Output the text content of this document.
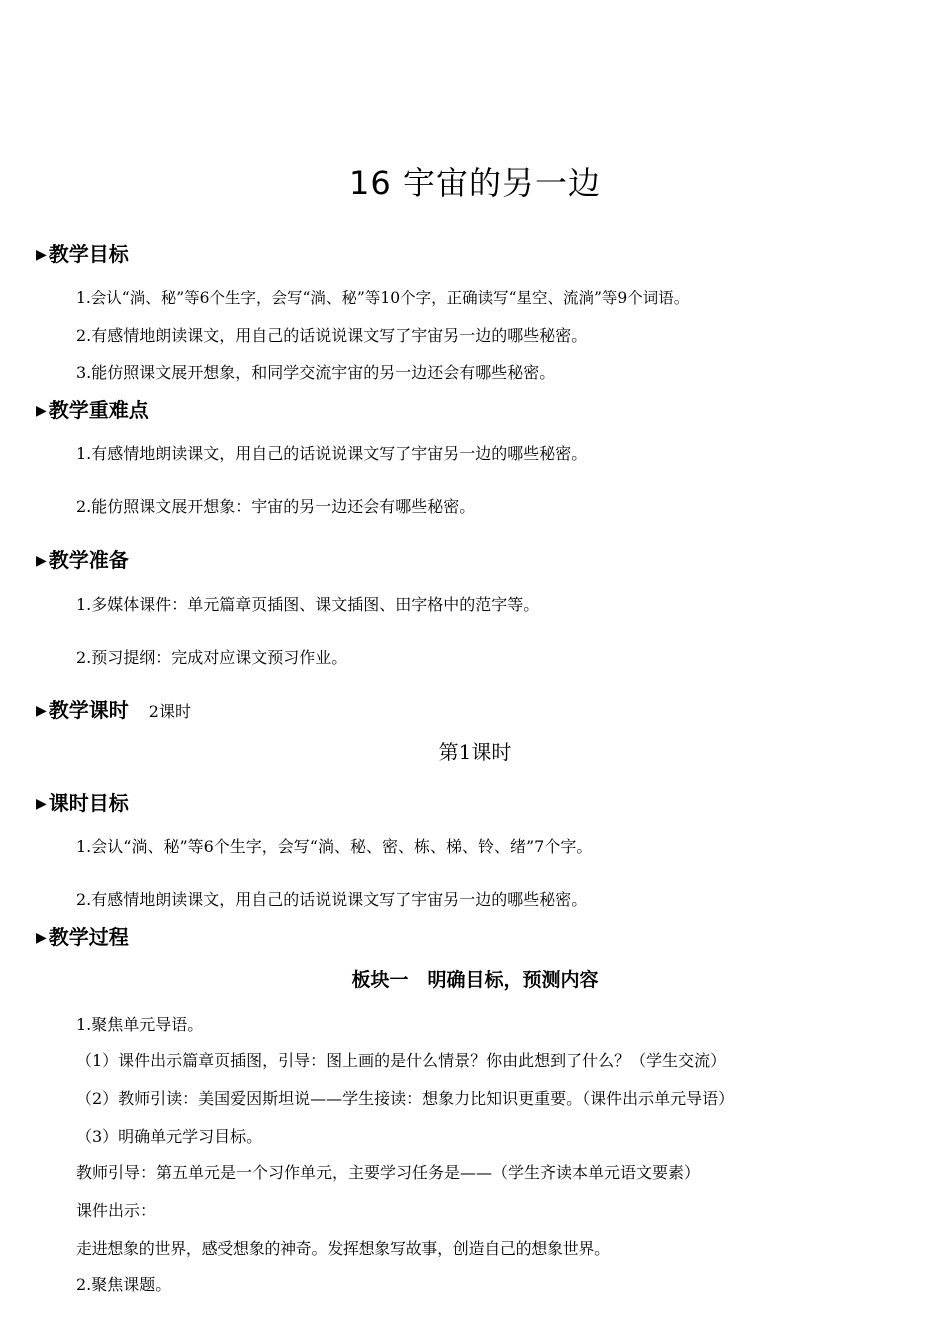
16 宇宙的另一边
▶ 教学目标
1.会认“淌、秘”等6个生字，会写“淌、秘”等10个字，正确读写“星空、流淌”等9个词语。
2.有感情地朗读课文，用自己的话说说课文写了宇宙另一边的哪些秘密。
3.能仿照课文展开想象，和同学交流宇宙的另一边还会有哪些秘密。
▶ 教学重难点
1.有感情地朗读课文，用自己的话说说课文写了宇宙另一边的哪些秘密。
2.能仿照课文展开想象：宇宙的另一边还会有哪些秘密。
▶ 教学准备
1.多媒体课件：单元篇章页插图、课文插图、田字格中的范字等。
2.预习提纲：完成对应课文预习作业。
▶ 教学课时 2课时
第1课时
▶ 课时目标
1.会认“淌、秘”等6个生字，会写“淌、秘、密、栋、梯、铃、绪”7个字。
2.有感情地朗读课文，用自己的话说说课文写了宇宙另一边的哪些秘密。
▶ 教学过程
板块一　明确目标，预测内容
1.聚焦单元导语。
（1）课件出示篇章页插图，引导：图上画的是什么情景？你由此想到了什么？（学生交流）
（2）教师引读：美国爱因斯坦说——学生接读：想象力比知识更重要。（课件出示单元导语）
（3）明确单元学习目标。
教师引导：第五单元是一个习作单元，主要学习任务是——（学生齐读本单元语文要素）
课件出示：
走进想象的世界，感受想象的神奇。发挥想象写故事，创造自己的想象世界。
2.聚焦课题。
